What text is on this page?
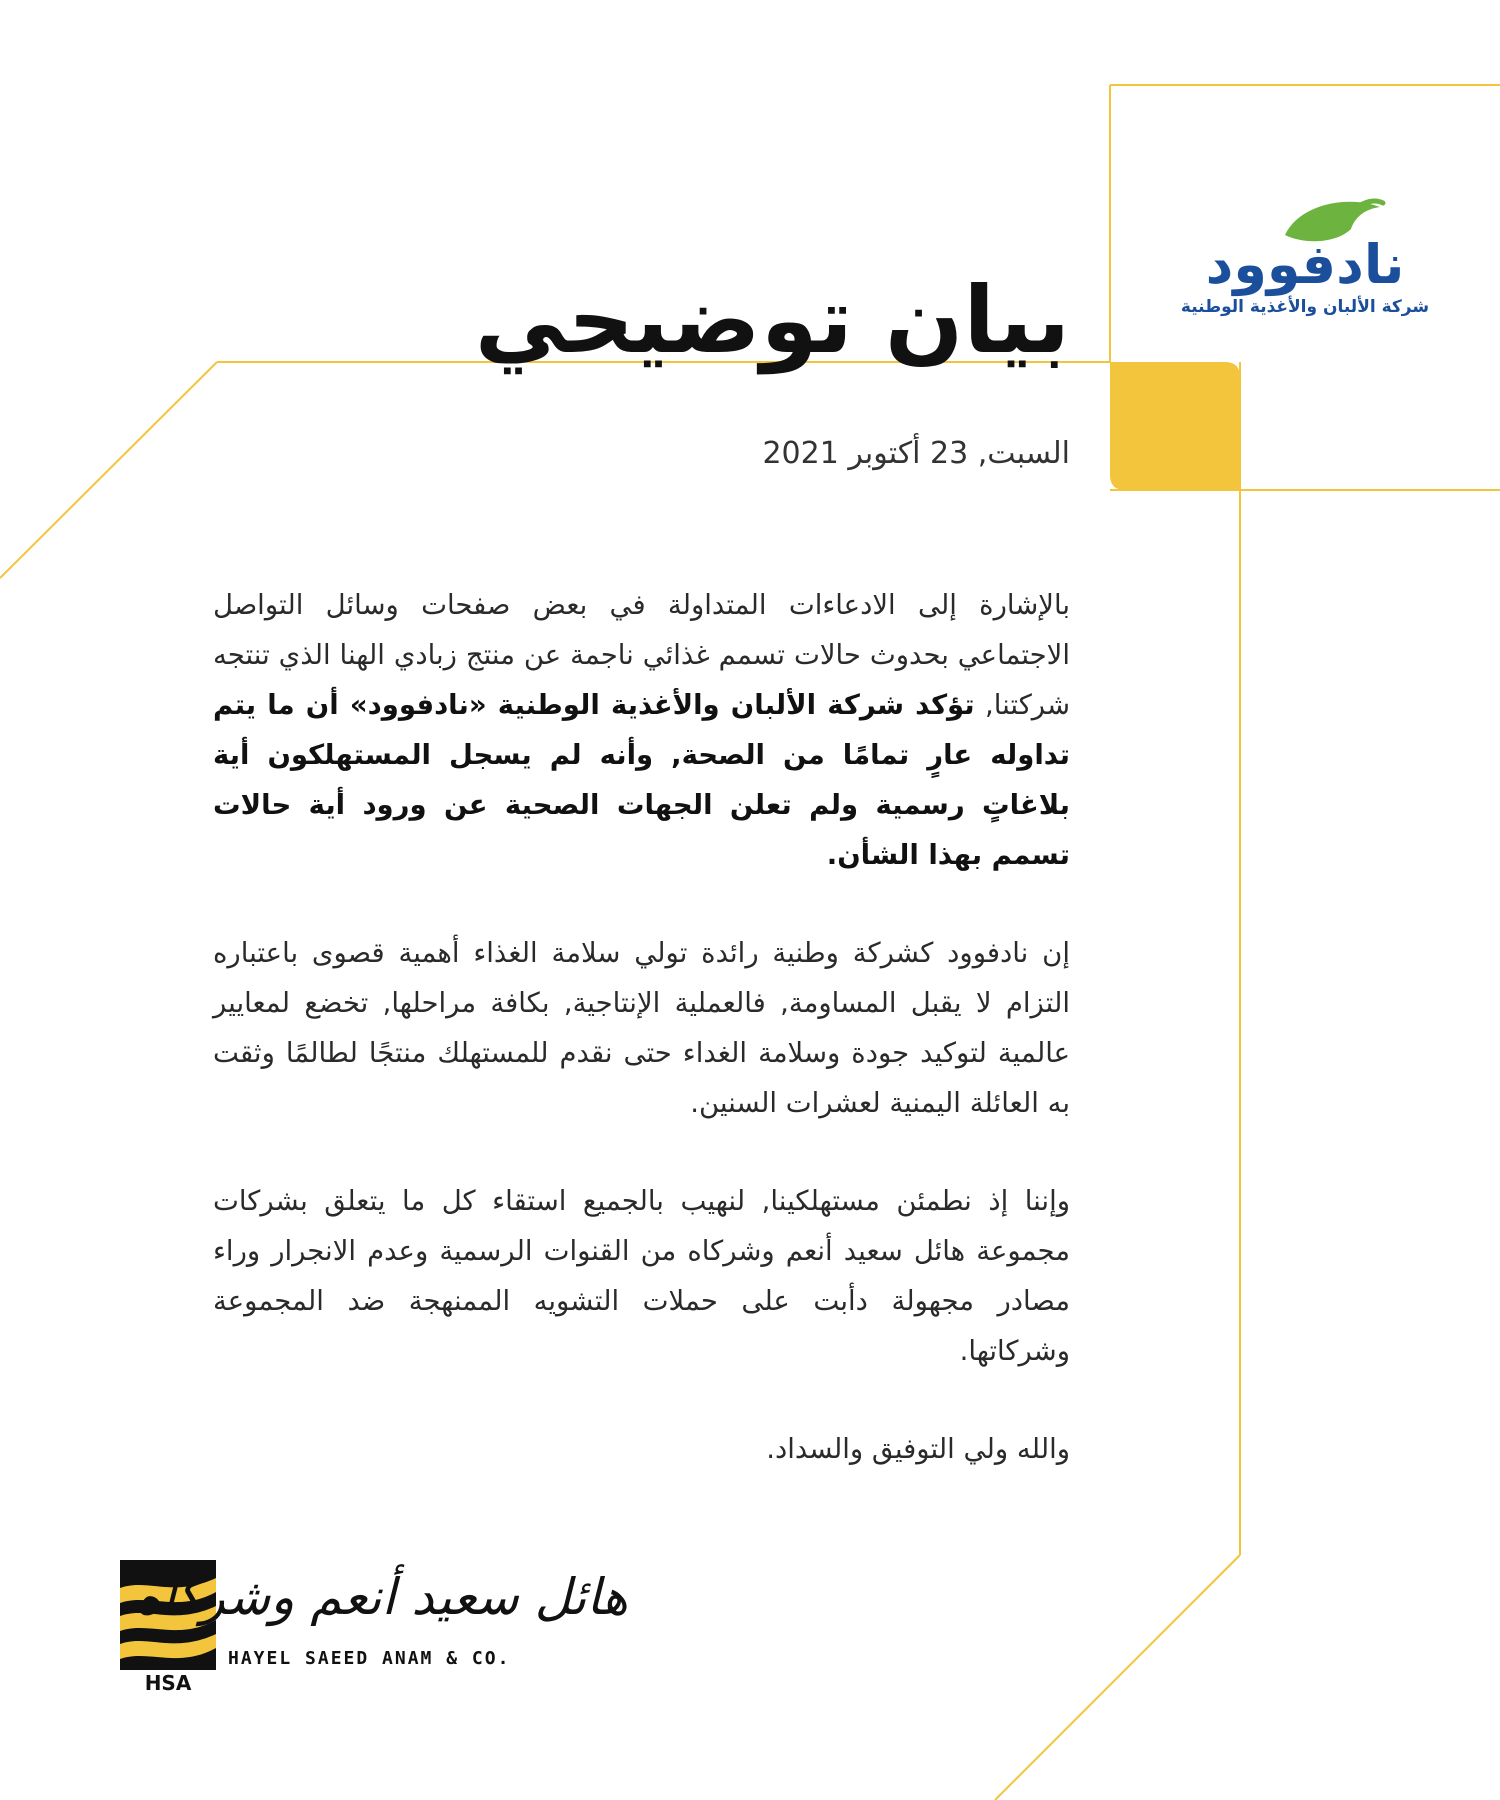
نادفوود
شركة الألبان والأغذية الوطنية
بيان توضيحي
السبت, 23 أكتوبر 2021

بالإشارة إلى الادعاءات المتداولة في بعض صفحات وسائل التواصل الاجتماعي بحدوث حالات تسمم غذائي ناجمة عن منتج زبادي الهنا الذي تنتجه شركتنا, تؤكد شركة الألبان والأغذية الوطنية «نادفوود» أن ما يتم تداوله عارٍ تمامًا من الصحة, وأنه لم يسجل المستهلكون أية بلاغاتٍ رسمية ولم تعلن الجهات الصحية عن ورود أية حالات تسمم بهذا الشأن.

إن نادفوود كشركة وطنية رائدة تولي سلامة الغذاء أهمية قصوى باعتباره التزام لا يقبل المساومة, فالعملية الإنتاجية, بكافة مراحلها, تخضع لمعايير عالمية لتوكيد جودة وسلامة الغداء حتى نقدم للمستهلك منتجًا لطالمًا وثقت به العائلة اليمنية لعشرات السنين.

وإننا إذ نطمئن مستهلكينا, لنهيب بالجميع استقاء كل ما يتعلق بشركات مجموعة هائل سعيد أنعم وشركاه من القنوات الرسمية وعدم الانجرار وراء مصادر مجهولة دأبت على حملات التشويه الممنهجة ضد المجموعة وشركاتها.

والله ولي التوفيق والسداد.

HSA
هائل سعيد أنعم وشركاه
HAYEL SAEED ANAM & CO.
